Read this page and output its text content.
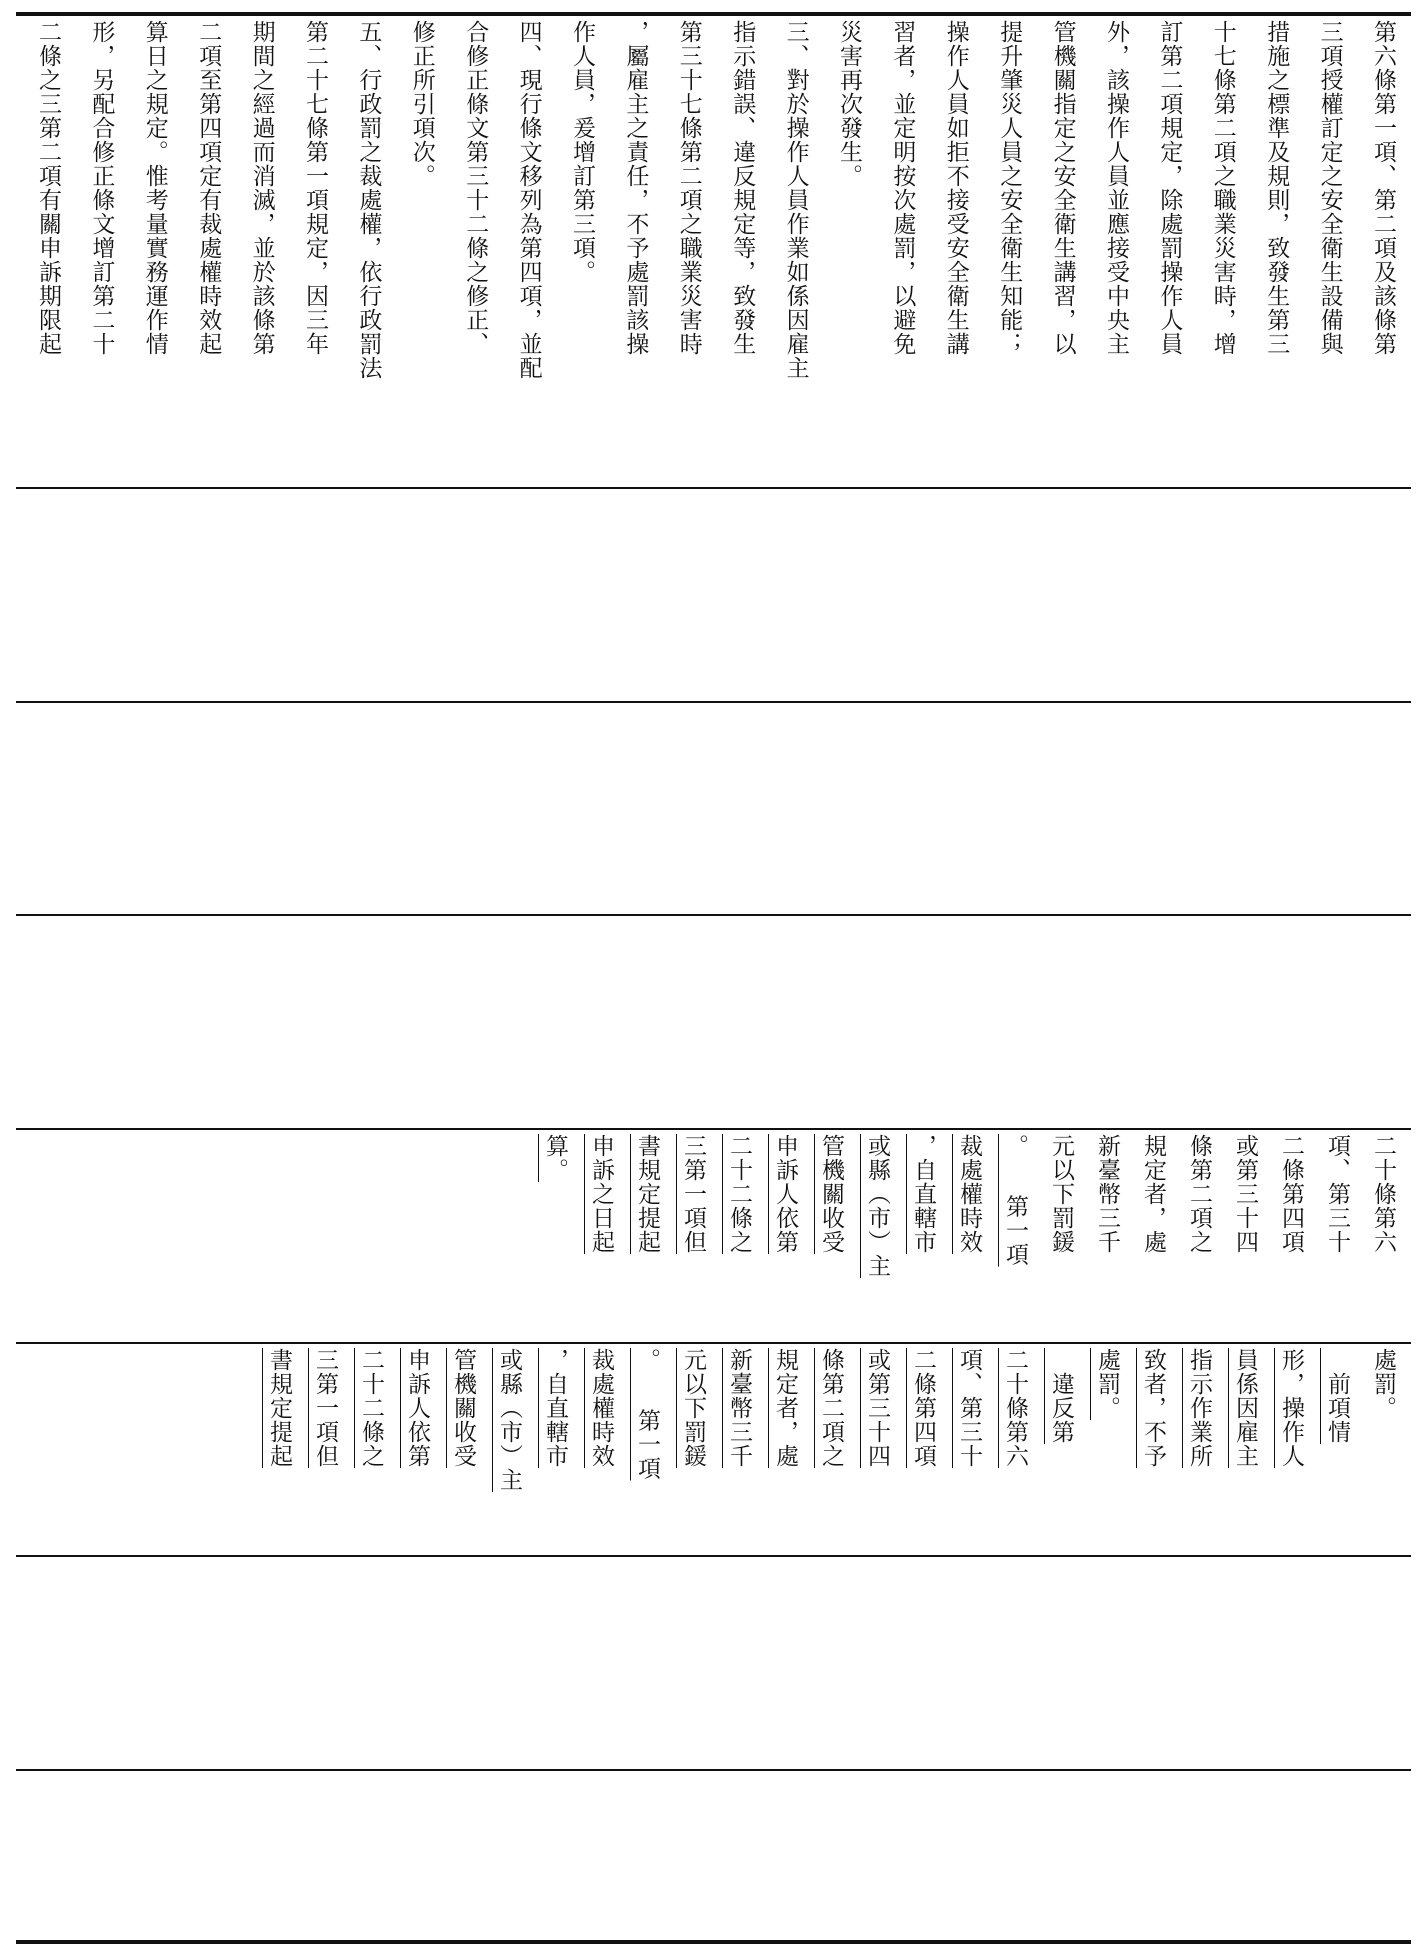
第六條第一項、第二項及該條第
三項授權訂定之安全衛生設備與
措施之標準及規則，致發生第三
十七條第二項之職業災害時，增
訂第二項規定，除處罰操作人員
外，該操作人員並應接受中央主
管機關指定之安全衛生講習，以
提升肇災人員之安全衛生知能；
操作人員如拒不接受安全衛生講
習者，並定明按次處罰，以避免
災害再次發生。
三、對於操作人員作業如係因雇主
指示錯誤、違反規定等，致發生
第三十七條第二項之職業災害時
，屬雇主之責任，不予處罰該操
作人員，爰增訂第三項。
四、現行條文移列為第四項，並配
合修正條文第三十二條之修正、
修正所引項次。
五、行政罰之裁處權，依行政罰法
第二十七條第一項規定，因三年
期間之經過而消滅，並於該條第
二項至第四項定有裁處權時效起
算日之規定。惟考量實務運作情
形，另配合修正條文增訂第二十
二條之三第二項有關申訴期限起
二十條第六
項、第三十
二條第四項
或第三十四
條第二項之
規定者，處
新臺幣三千
元以下罰鍰
。　　第一項
裁處權時效
，自直轄市
或縣（市）主
管機關收受
申訴人依第
二十二條之
三第一項但
書規定提起
申訴之日起
算。
處罰。
　前項情
形，操作人
員係因雇主
指示作業所
致者，不予
處罰。
　違反第
二十條第六
項、第三十
二條第四項
或第三十四
條第二項之
規定者，處
新臺幣三千
元以下罰鍰
。　　第一項
裁處權時效
，自直轄市
或縣（市）主
管機關收受
申訴人依第
二十二條之
三第一項但
書規定提起
